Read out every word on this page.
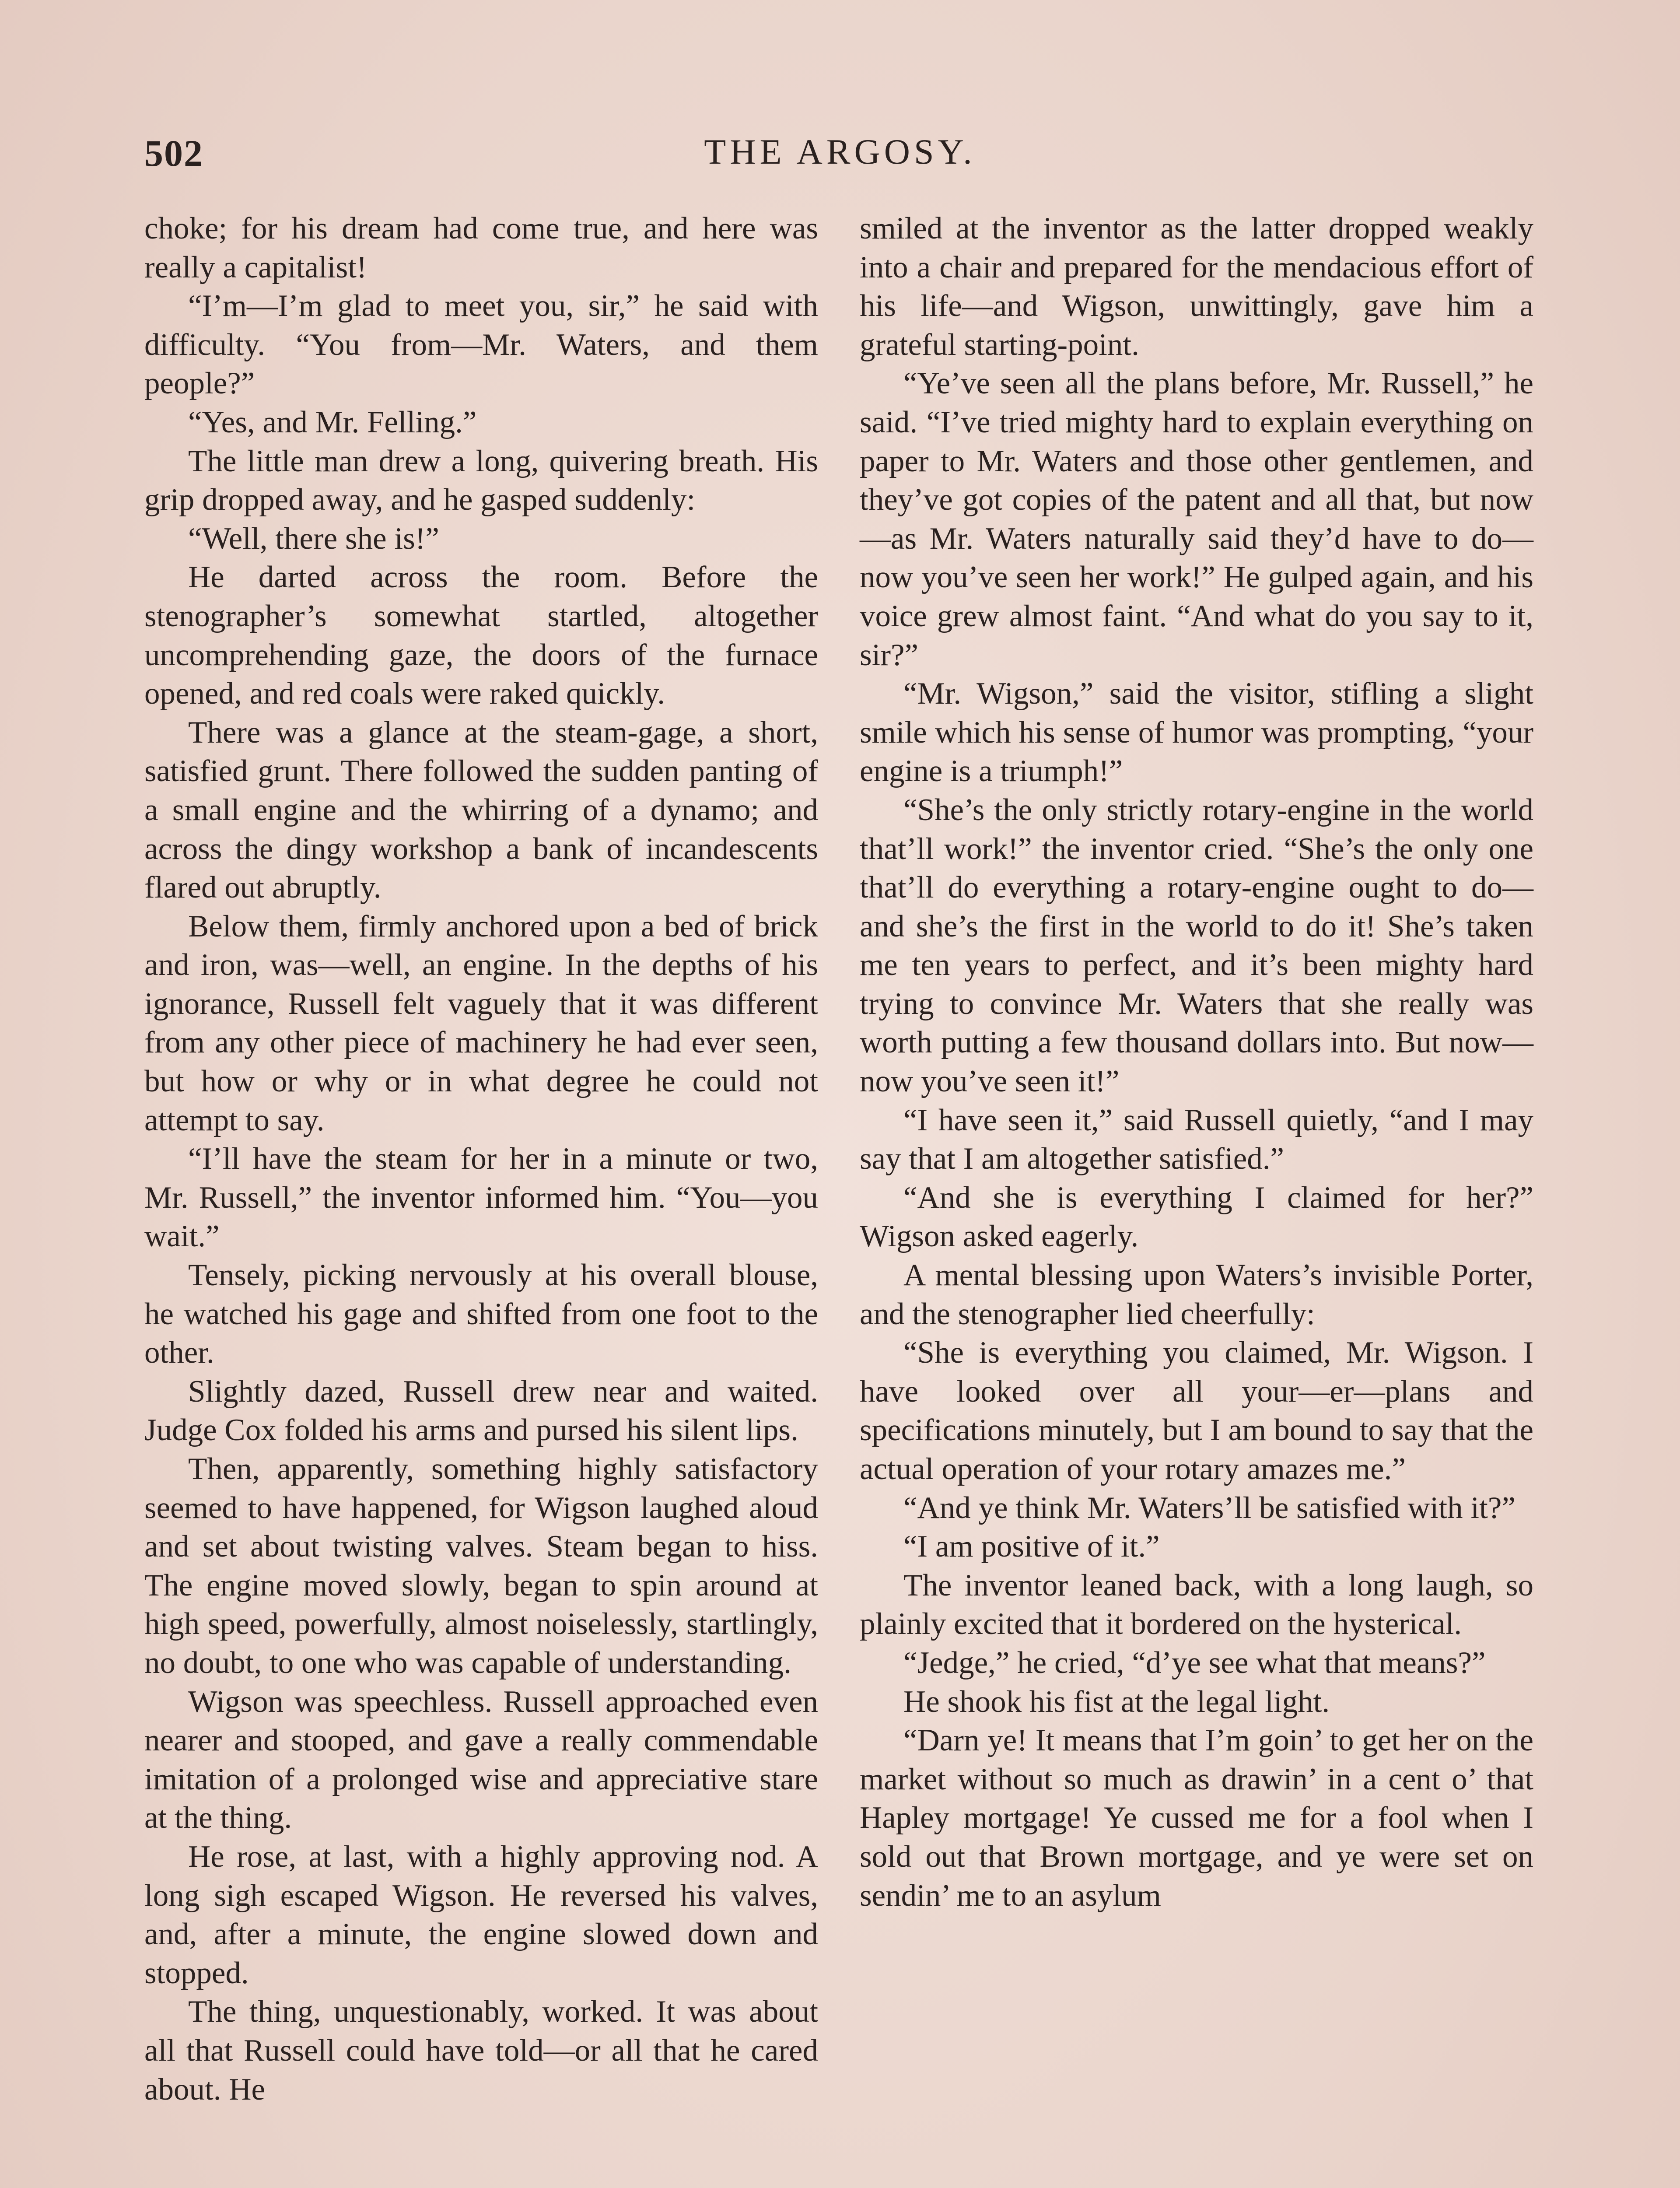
502	THE ARGOSY.

choke; for his dream had come true, and here was really a capitalist!

“I’m—I’m glad to meet you, sir,” he said with difficulty. “You from—Mr. Waters, and them people?”

“Yes, and Mr. Felling.”

The little man drew a long, quivering breath. His grip dropped away, and he gasped suddenly:

“Well, there she is!”

He darted across the room. Before the stenographer’s somewhat startled, altogether uncomprehending gaze, the doors of the furnace opened, and red coals were raked quickly.

There was a glance at the steam-gage, a short, satisfied grunt. There followed the sudden panting of a small engine and the whirring of a dynamo; and across the dingy workshop a bank of incandescents flared out abruptly.

Below them, firmly anchored upon a bed of brick and iron, was—well, an engine. In the depths of his ignorance, Russell felt vaguely that it was different from any other piece of machinery he had ever seen, but how or why or in what degree he could not attempt to say.

“I’ll have the steam for her in a minute or two, Mr. Russell,” the inventor informed him. “You—you wait.”

Tensely, picking nervously at his overall blouse, he watched his gage and shifted from one foot to the other.

Slightly dazed, Russell drew near and waited. Judge Cox folded his arms and pursed his silent lips.

Then, apparently, something highly satisfactory seemed to have happened, for Wigson laughed aloud and set about twisting valves. Steam began to hiss. The engine moved slowly, began to spin around at high speed, powerfully, almost noiselessly, startlingly, no doubt, to one who was capable of understanding.

Wigson was speechless. Russell approached even nearer and stooped, and gave a really commendable imitation of a prolonged wise and appreciative stare at the thing.

He rose, at last, with a highly approving nod. A long sigh escaped Wigson. He reversed his valves, and, after a minute, the engine slowed down and stopped.

The thing, unquestionably, worked. It was about all that Russell could have told—or all that he cared about. He

smiled at the inventor as the latter dropped weakly into a chair and prepared for the mendacious effort of his life—and Wigson, unwittingly, gave him a grateful starting-point.

“Ye’ve seen all the plans before, Mr. Russell,” he said. “I’ve tried mighty hard to explain everything on paper to Mr. Waters and those other gentlemen, and they’ve got copies of the patent and all that, but now—as Mr. Waters naturally said they’d have to do—now you’ve seen her work!” He gulped again, and his voice grew almost faint. “And what do you say to it, sir?”

“Mr. Wigson,” said the visitor, stifling a slight smile which his sense of humor was prompting, “your engine is a triumph!”

“She’s the only strictly rotary-engine in the world that’ll work!” the inventor cried. “She’s the only one that’ll do everything a rotary-engine ought to do—and she’s the first in the world to do it! She’s taken me ten years to perfect, and it’s been mighty hard trying to convince Mr. Waters that she really was worth putting a few thousand dollars into. But now—now you’ve seen it!”

“I have seen it,” said Russell quietly, “and I may say that I am altogether satisfied.”

“And she is everything I claimed for her?” Wigson asked eagerly.

A mental blessing upon Waters’s invisible Porter, and the stenographer lied cheerfully:

“She is everything you claimed, Mr. Wigson. I have looked over all your—er—plans and specifications minutely, but I am bound to say that the actual operation of your rotary amazes me.”

“And ye think Mr. Waters’ll be satisfied with it?”

“I am positive of it.”

The inventor leaned back, with a long laugh, so plainly excited that it bordered on the hysterical.

“Jedge,” he cried, “d’ye see what that means?”

He shook his fist at the legal light.

“Darn ye! It means that I’m goin’ to get her on the market without so much as drawin’ in a cent o’ that Hapley mortgage! Ye cussed me for a fool when I sold out that Brown mortgage, and ye were set on sendin’ me to an asylum
